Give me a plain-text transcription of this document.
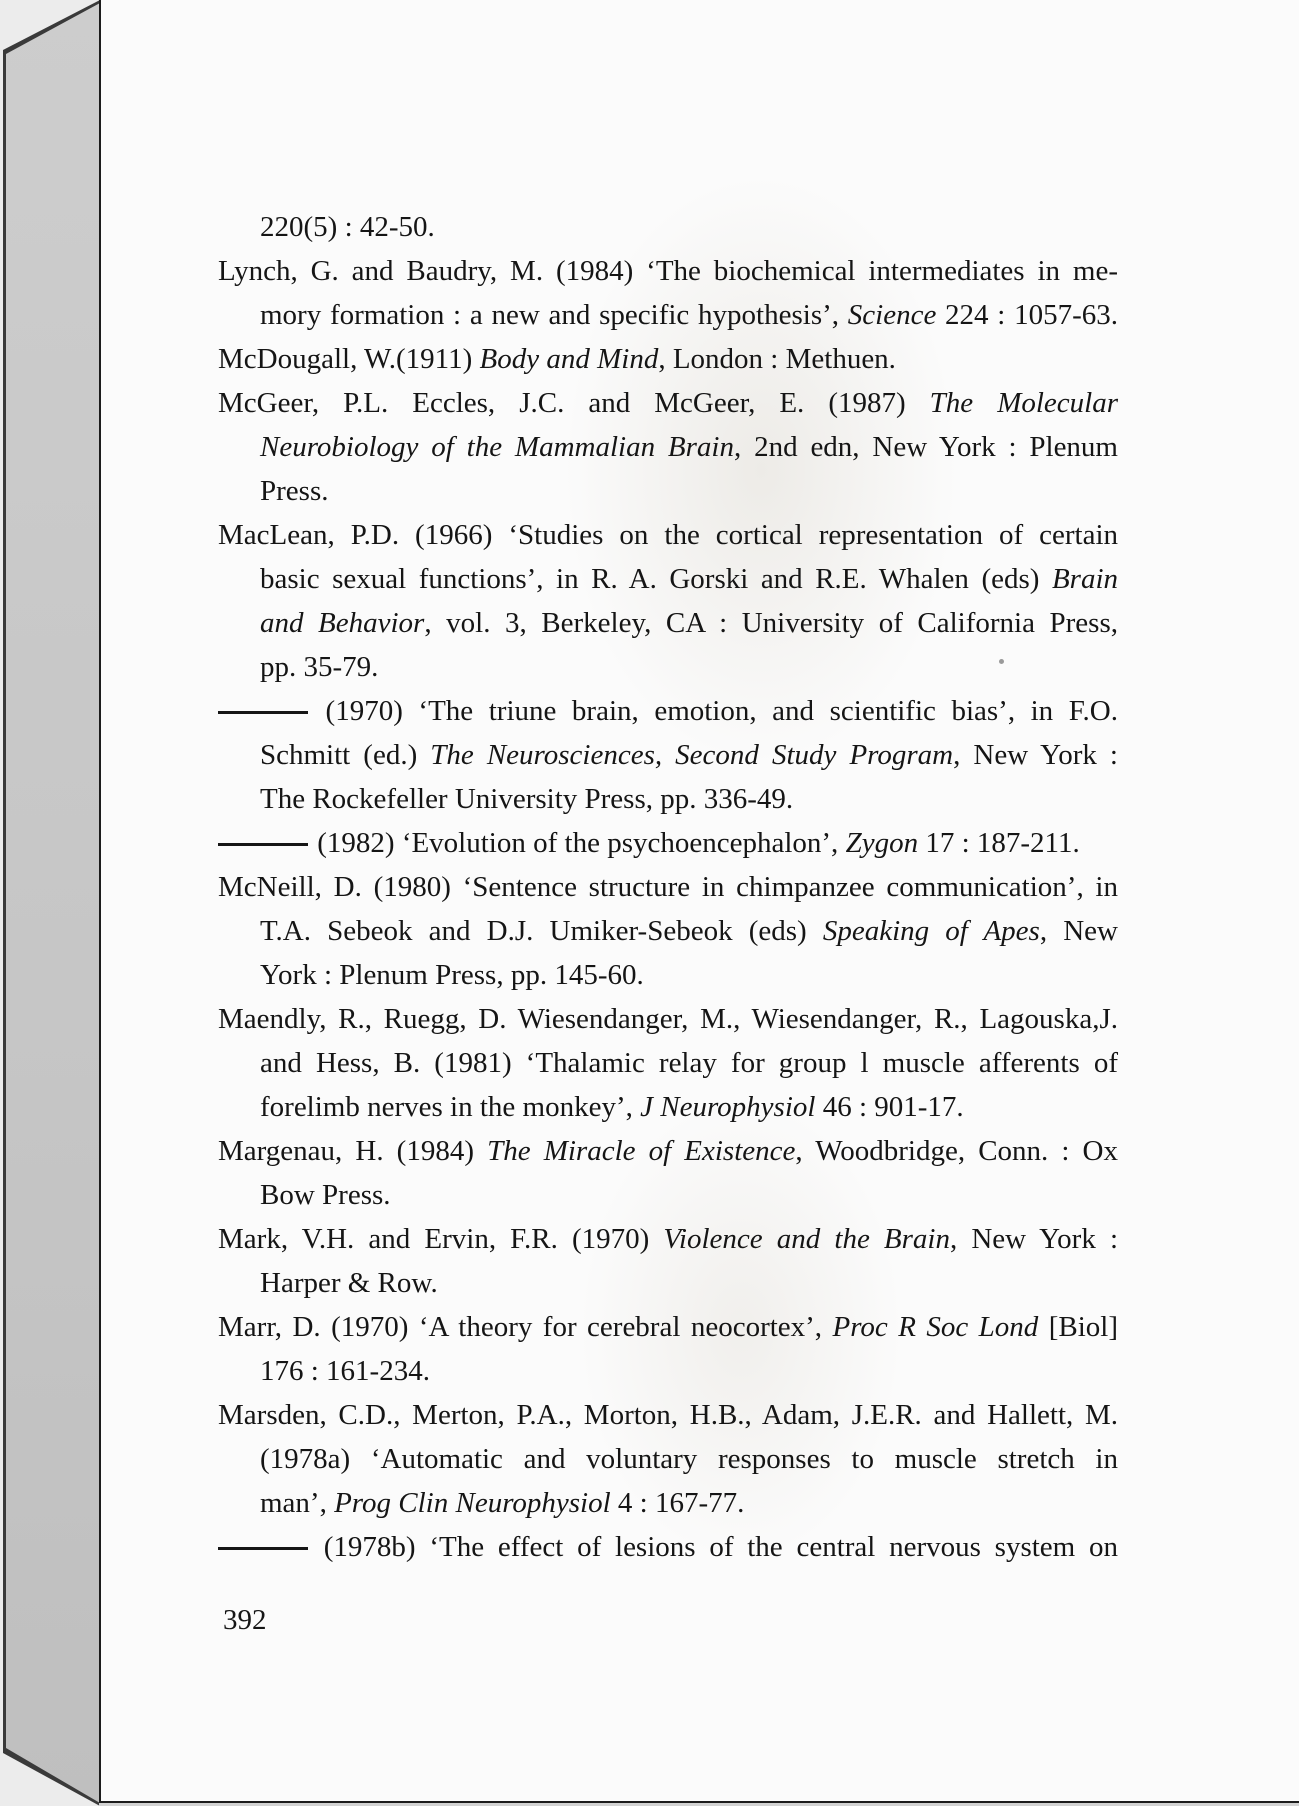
220(5) : 42-50.
Lynch, G. and Baudry, M. (1984) ‘The biochemical intermediates in me-
mory formation : a new and specific hypothesis’, Science 224 : 1057-63.
McDougall, W.(1911) Body and Mind, London : Methuen.
McGeer, P.L. Eccles, J.C. and McGeer, E. (1987) The Molecular
Neurobiology of the Mammalian Brain, 2nd edn, New York : Plenum
Press.
MacLean, P.D. (1966) ‘Studies on the cortical representation of certain
basic sexual functions’, in R. A. Gorski and R.E. Whalen (eds) Brain
and Behavior, vol. 3, Berkeley, CA : University of California Press,
pp. 35-79.
(1970) ‘The triune brain, emotion, and scientific bias’, in F.O.
Schmitt (ed.) The Neurosciences, Second Study Program, New York :
The Rockefeller University Press, pp. 336-49.
(1982) ‘Evolution of the psychoencephalon’, Zygon 17 : 187-211.
McNeill, D. (1980) ‘Sentence structure in chimpanzee communication’, in
T.A. Sebeok and D.J. Umiker-Sebeok (eds) Speaking of Apes, New
York : Plenum Press, pp. 145-60.
Maendly, R., Ruegg, D. Wiesendanger, M., Wiesendanger, R., Lagouska,J.
and Hess, B. (1981) ‘Thalamic relay for group l muscle afferents of
forelimb nerves in the monkey’, J Neurophysiol 46 : 901-17.
Margenau, H. (1984) The Miracle of Existence, Woodbridge, Conn. : Ox
Bow Press.
Mark, V.H. and Ervin, F.R. (1970) Violence and the Brain, New York :
Harper & Row.
Marr, D. (1970) ‘A theory for cerebral neocortex’, Proc R Soc Lond [Biol]
176 : 161-234.
Marsden, C.D., Merton, P.A., Morton, H.B., Adam, J.E.R. and Hallett, M.
(1978a) ‘Automatic and voluntary responses to muscle stretch in
man’, Prog Clin Neurophysiol 4 : 167-77.
(1978b) ‘The effect of lesions of the central nervous system on
392
